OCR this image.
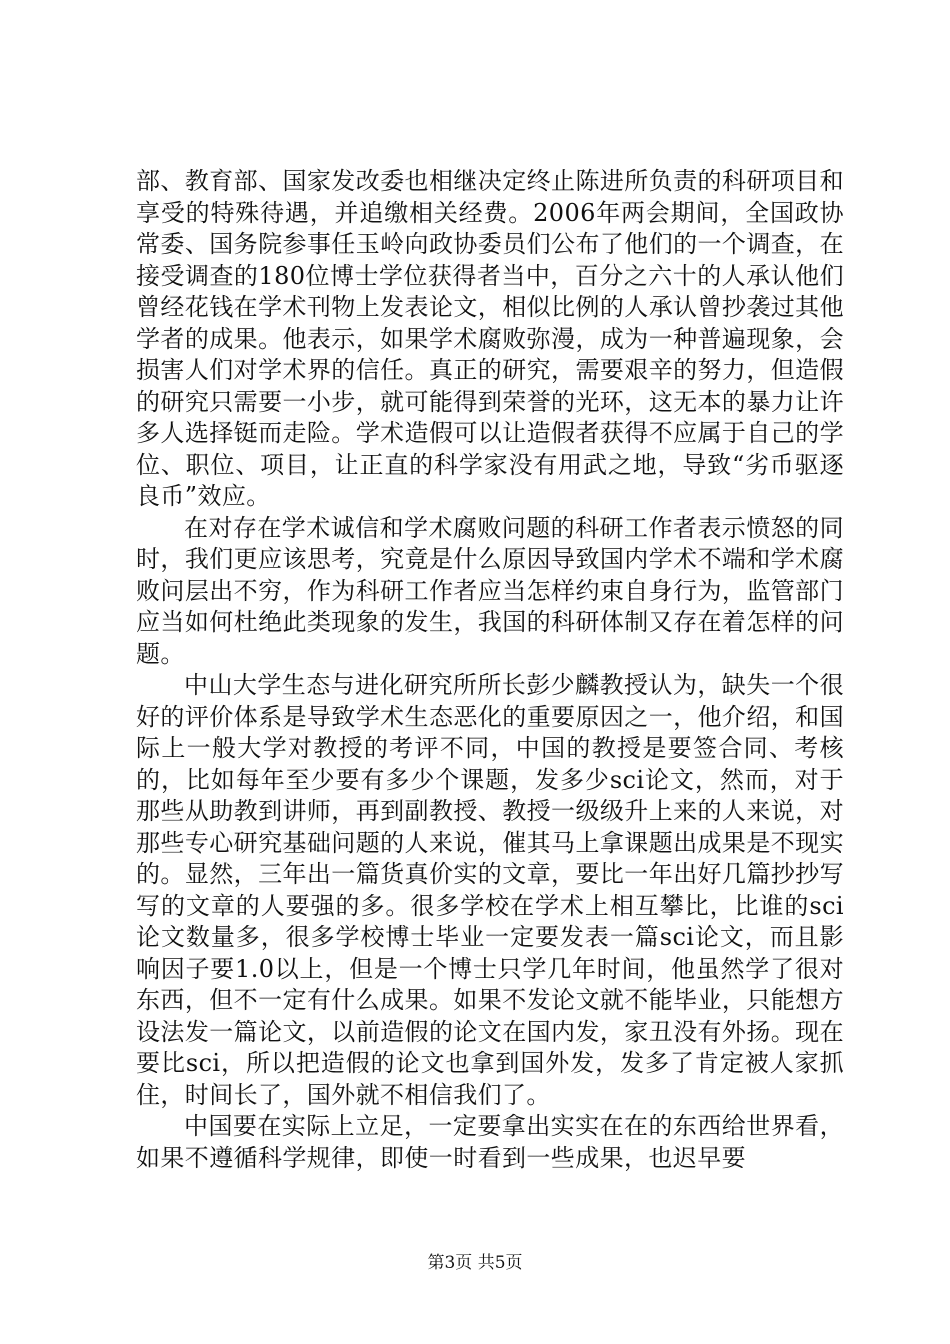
部、教育部、国家发改委也相继决定终止陈进所负责的科研项目和享受的特殊待遇，并追缴相关经费。2006年两会期间，全国政协常委、国务院参事任玉岭向政协委员们公布了他们的一个调查，在接受调查的180位博士学位获得者当中，百分之六十的人承认他们曾经花钱在学术刊物上发表论文，相似比例的人承认曾抄袭过其他学者的成果。他表示，如果学术腐败弥漫，成为一种普遍现象，会损害人们对学术界的信任。真正的研究，需要艰辛的努力，但造假的研究只需要一小步，就可能得到荣誉的光环，这无本的暴力让许多人选择铤而走险。学术造假可以让造假者获得不应属于自己的学位、职位、项目，让正直的科学家没有用武之地，导致“劣币驱逐良币”效应。

在对存在学术诚信和学术腐败问题的科研工作者表示愤怒的同时，我们更应该思考，究竟是什么原因导致国内学术不端和学术腐败问层出不穷，作为科研工作者应当怎样约束自身行为，监管部门应当如何杜绝此类现象的发生，我国的科研体制又存在着怎样的问题。

中山大学生态与进化研究所所长彭少麟教授认为，缺失一个很好的评价体系是导致学术生态恶化的重要原因之一，他介绍，和国际上一般大学对教授的考评不同，中国的教授是要签合同、考核的，比如每年至少要有多少个课题，发多少sci论文，然而，对于那些从助教到讲师，再到副教授、教授一级级升上来的人来说，对那些专心研究基础问题的人来说，催其马上拿课题出成果是不现实的。显然，三年出一篇货真价实的文章，要比一年出好几篇抄抄写写的文章的人要强的多。很多学校在学术上相互攀比，比谁的sci论文数量多，很多学校博士毕业一定要发表一篇sci论文，而且影响因子要1.0以上，但是一个博士只学几年时间，他虽然学了很对东西，但不一定有什么成果。如果不发论文就不能毕业，只能想方设法发一篇论文，以前造假的论文在国内发，家丑没有外扬。现在要比sci，所以把造假的论文也拿到国外发，发多了肯定被人家抓住，时间长了，国外就不相信我们了。

中国要在实际上立足，一定要拿出实实在在的东西给世界看，如果不遵循科学规律，即使一时看到一些成果，也迟早要

第3页 共5页
